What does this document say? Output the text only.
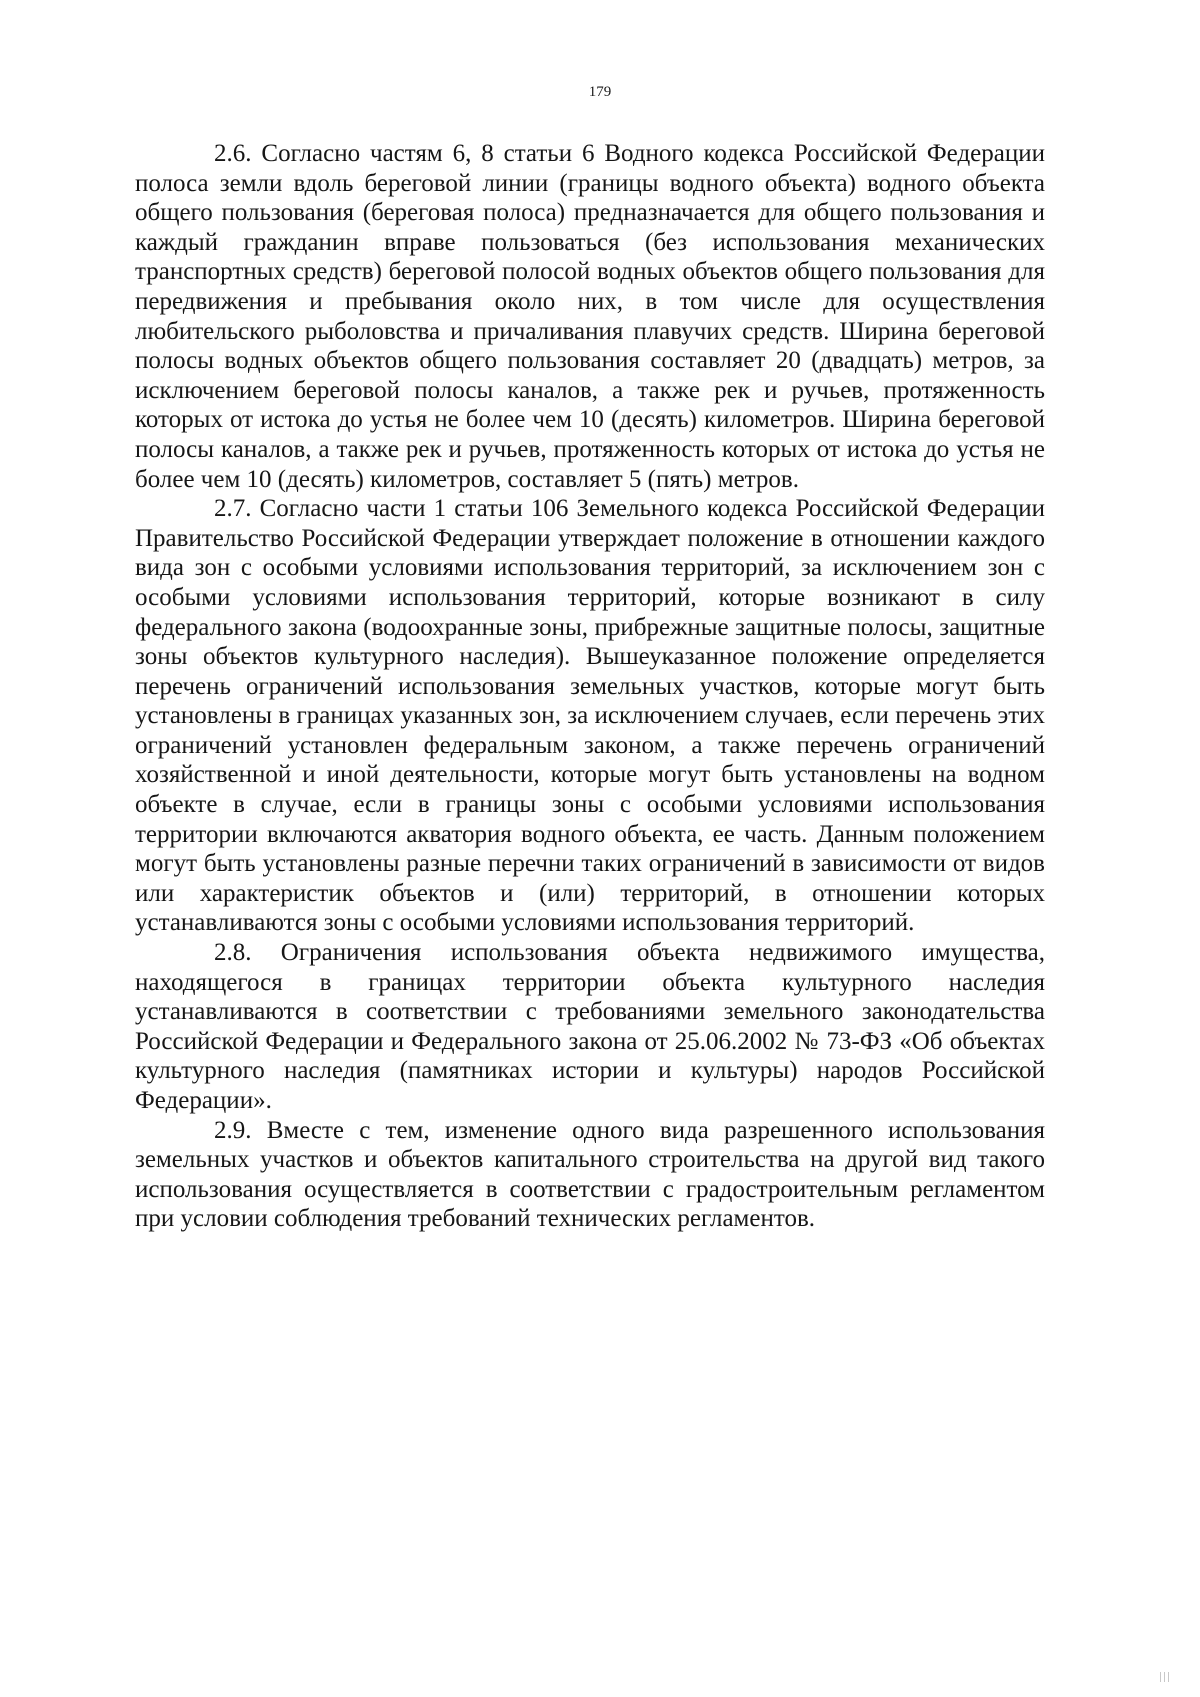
179

2.6. Согласно частям 6, 8 статьи 6 Водного кодекса Российской Федерации полоса земли вдоль береговой линии (границы водного объекта) водного объекта общего пользования (береговая полоса) предназначается для общего пользования и каждый гражданин вправе пользоваться (без использования механических транспортных средств) береговой полосой водных объектов общего пользования для передвижения и пребывания около них, в том числе для осуществления любительского рыболовства и причаливания плавучих средств. Ширина береговой полосы водных объектов общего пользования составляет 20 (двадцать) метров, за исключением береговой полосы каналов, а также рек и ручьев, протяженность которых от истока до устья не более чем 10 (десять) километров. Ширина береговой полосы каналов, а также рек и ручьев, протяженность которых от истока до устья не более чем 10 (десять) километров, составляет 5 (пять) метров.

2.7. Согласно части 1 статьи 106 Земельного кодекса Российской Федерации Правительство Российской Федерации утверждает положение в отношении каждого вида зон с особыми условиями использования территорий, за исключением зон с особыми условиями использования территорий, которые возникают в силу федерального закона (водоохранные зоны, прибрежные защитные полосы, защитные зоны объектов культурного наследия). Вышеуказанное положение определяется перечень ограничений использования земельных участков, которые могут быть установлены в границах указанных зон, за исключением случаев, если перечень этих ограничений установлен федеральным законом, а также перечень ограничений хозяйственной и иной деятельности, которые могут быть установлены на водном объекте в случае, если в границы зоны с особыми условиями использования территории включаются акватория водного объекта, ее часть. Данным положением могут быть установлены разные перечни таких ограничений в зависимости от видов или характеристик объектов и (или) территорий, в отношении которых устанавливаются зоны с особыми условиями использования территорий.

2.8. Ограничения использования объекта недвижимого имущества, находящегося в границах территории объекта культурного наследия устанавливаются в соответствии с требованиями земельного законодательства Российской Федерации и Федерального закона от 25.06.2002 № 73-ФЗ «Об объектах культурного наследия (памятниках истории и культуры) народов Российской Федерации».

2.9. Вместе с тем, изменение одного вида разрешенного использования земельных участков и объектов капитального строительства на другой вид такого использования осуществляется в соответствии с градостроительным регламентом при условии соблюдения требований технических регламентов.
